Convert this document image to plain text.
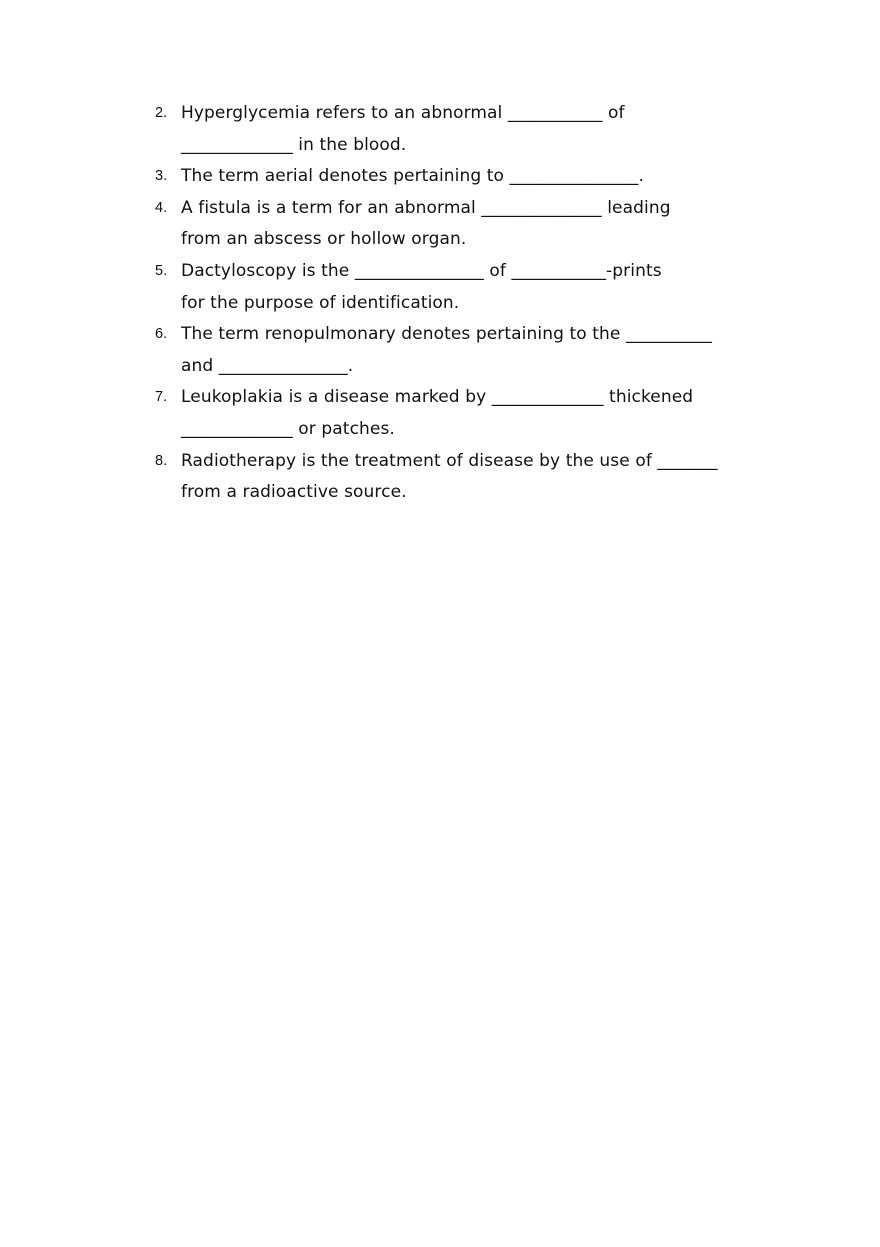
2. Hyperglycemia refers to an abnormal ___________ of
_____________ in the blood.
3. The term aerial denotes pertaining to _______________.
4. A fistula is a term for an abnormal ______________ leading
from an abscess or hollow organ.
5. Dactyloscopy is the _______________ of ___________-prints
for the purpose of identification.
6. The term renopulmonary denotes pertaining to the __________
and _______________.
7. Leukoplakia is a disease marked by _____________ thickened
_____________ or patches.
8. Radiotherapy is the treatment of disease by the use of _______
from a radioactive source.
